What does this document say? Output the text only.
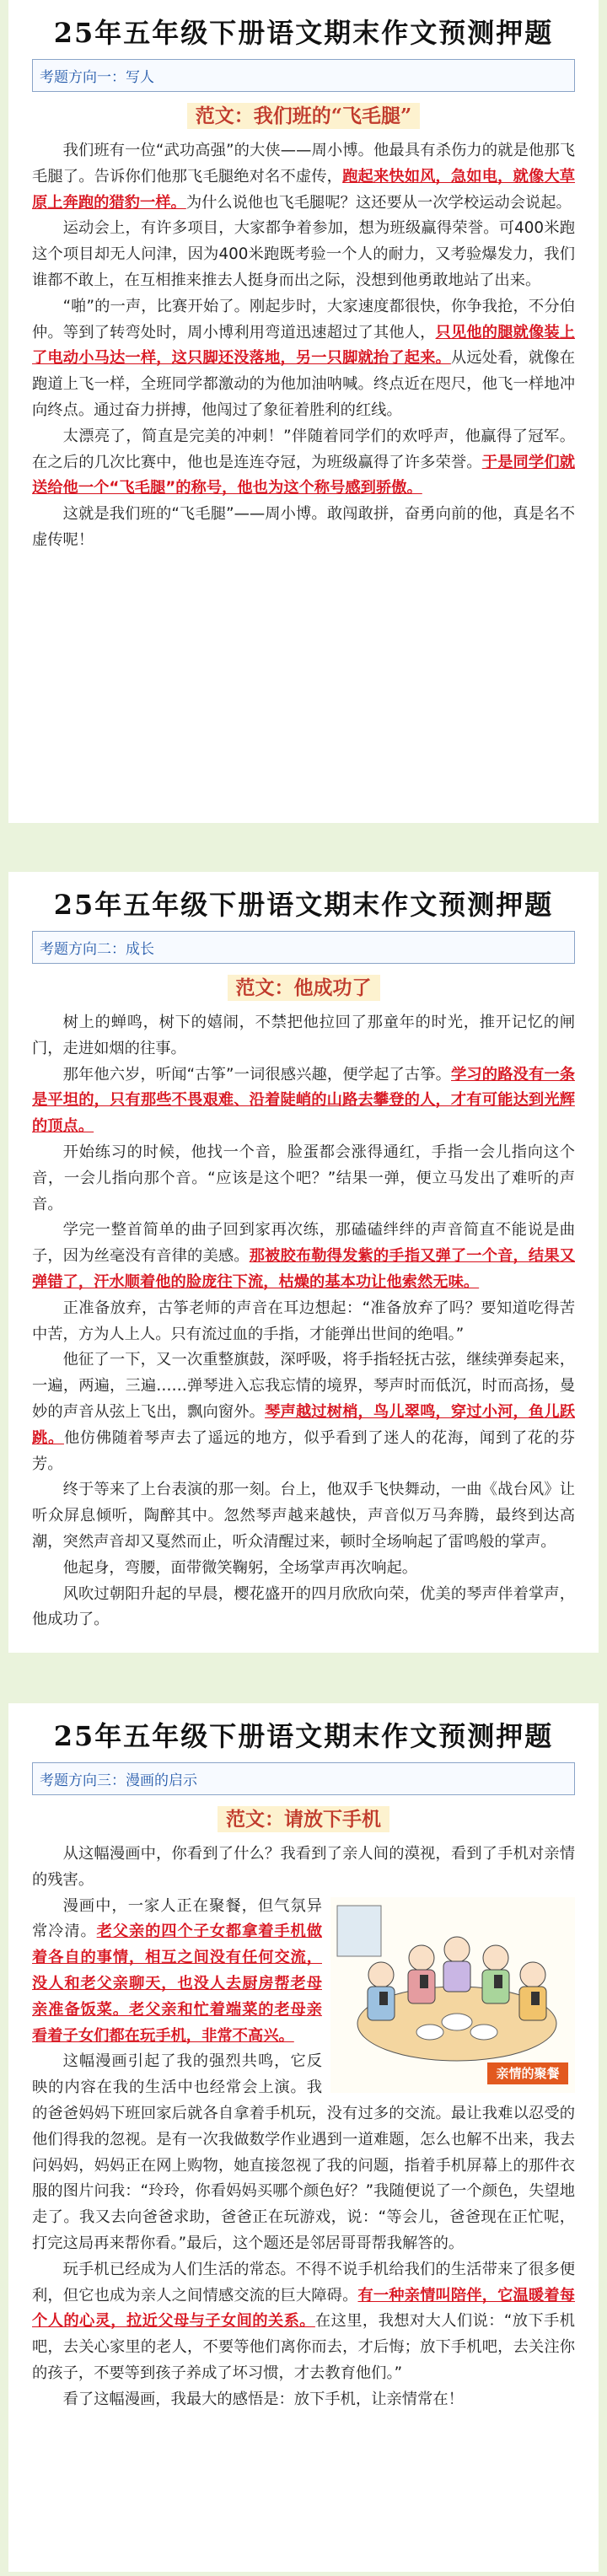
25年五年级下册语文期末作文预测押题
考题方向一：写人
范文：我们班的“飞毛腿”

我们班有一位“武功高强”的大侠——周小博。他最具有杀伤力的就是他那飞毛腿了。告诉你们他那飞毛腿绝对名不虚传，跑起来快如风，急如电，就像大草原上奔跑的猎豹一样。为什么说他也飞毛腿呢？这还要从一次学校运动会说起。

运动会上，有许多项目，大家都争着参加，想为班级赢得荣誉。可400米跑这个项目却无人问津，因为400米跑既考验一个人的耐力，又考验爆发力，我们谁都不敢上，在互相推来推去人挺身而出之际，没想到他勇敢地站了出来。

“啪”的一声，比赛开始了。刚起步时，大家速度都很快，你争我抢，不分伯仲。等到了转弯处时，周小博利用弯道迅速超过了其他人，只见他的腿就像装上了电动小马达一样，这只脚还没落地，另一只脚就抬了起来。从远处看，就像在跑道上飞一样，全班同学都激动的为他加油呐喊。终点近在咫尺，他飞一样地冲向终点。通过奋力拼搏，他闯过了象征着胜利的红线。

太漂亮了，简直是完美的冲刺！”伴随着同学们的欢呼声，他赢得了冠军。在之后的几次比赛中，他也是连连夺冠，为班级赢得了许多荣誉。于是同学们就送给他一个“飞毛腿”的称号，他也为这个称号感到骄傲。

这就是我们班的“飞毛腿”——周小博。敢闯敢拼，奋勇向前的他，真是名不虚传呢！

25年五年级下册语文期末作文预测押题
考题方向二：成长
范文：他成功了

树上的蝉鸣，树下的嬉闹，不禁把他拉回了那童年的时光，推开记忆的闸门，走进如烟的往事。

那年他六岁，听闻“古筝”一词很感兴趣，便学起了古筝。学习的路没有一条是平坦的，只有那些不畏艰难、沿着陡峭的山路去攀登的人，才有可能达到光辉的顶点。

开始练习的时候，他找一个音，脸蛋都会涨得通红，手指一会儿指向这个音，一会儿指向那个音。“应该是这个吧？”结果一弹，便立马发出了难听的声音。

学完一整首简单的曲子回到家再次练，那磕磕绊绊的声音简直不能说是曲子，因为丝毫没有音律的美感。那被胶布勒得发紫的手指又弹了一个音，结果又弹错了，汗水顺着他的脸庞往下流，枯燥的基本功让他索然无味。

正准备放弃，古筝老师的声音在耳边想起：“准备放弃了吗？要知道吃得苦中苦，方为人上人。只有流过血的手指，才能弹出世间的绝唱。”

他征了一下，又一次重整旗鼓，深呼吸，将手指轻抚古弦，继续弹奏起来，一遍，两遍，三遍……弹琴进入忘我忘情的境界，琴声时而低沉，时而高扬，曼妙的声音从弦上飞出，飘向窗外。琴声越过树梢，鸟儿翠鸣，穿过小河，鱼儿跃跳。他仿佛随着琴声去了遥远的地方，似乎看到了迷人的花海，闻到了花的芬芳。

终于等来了上台表演的那一刻。台上，他双手飞快舞动，一曲《战台风》让听众屏息倾听，陶醉其中。忽然琴声越来越快，声音似万马奔腾，最终到达高潮，突然声音却又戛然而止，听众清醒过来，顿时全场响起了雷鸣般的掌声。

他起身，弯腰，面带微笑鞠躬，全场掌声再次响起。

风吹过朝阳升起的早晨，樱花盛开的四月欣欣向荣，优美的琴声伴着掌声，他成功了。

25年五年级下册语文期末作文预测押题
考题方向三：漫画的启示
范文：请放下手机

从这幅漫画中，你看到了什么？我看到了亲人间的漠视，看到了手机对亲情的残害。

亲情的聚餐

漫画中，一家人正在聚餐，但气氛异常冷清。老父亲的四个子女都拿着手机做着各自的事情，相互之间没有任何交流，没人和老父亲聊天，也没人去厨房帮老母亲准备饭菜。老父亲和忙着端菜的老母亲看着子女们都在玩手机，非常不高兴。

这幅漫画引起了我的强烈共鸣，它反映的内容在我的生活中也经常会上演。我的爸爸妈妈下班回家后就各自拿着手机玩，没有过多的交流。最让我难以忍受的他们得我的忽视。是有一次我做数学作业遇到一道难题，怎么也解不出来，我去问妈妈，妈妈正在网上购物，她直接忽视了我的问题，指着手机屏幕上的那件衣服的图片问我：“玲玲，你看妈妈买哪个颜色好？”我随便说了一个颜色，失望地走了。我又去向爸爸求助，爸爸正在玩游戏，说：“等会儿，爸爸现在正忙呢，打完这局再来帮你看。”最后，这个题还是邻居哥哥帮我解答的。

玩手机已经成为人们生活的常态。不得不说手机给我们的生活带来了很多便利，但它也成为亲人之间情感交流的巨大障碍。有一种亲情叫陪伴，它温暖着每个人的心灵，拉近父母与子女间的关系。在这里，我想对大人们说：“放下手机吧，去关心家里的老人，不要等他们离你而去，才后悔；放下手机吧，去关注你的孩子，不要等到孩子养成了坏习惯，才去教育他们。”

看了这幅漫画，我最大的感悟是：放下手机，让亲情常在！
